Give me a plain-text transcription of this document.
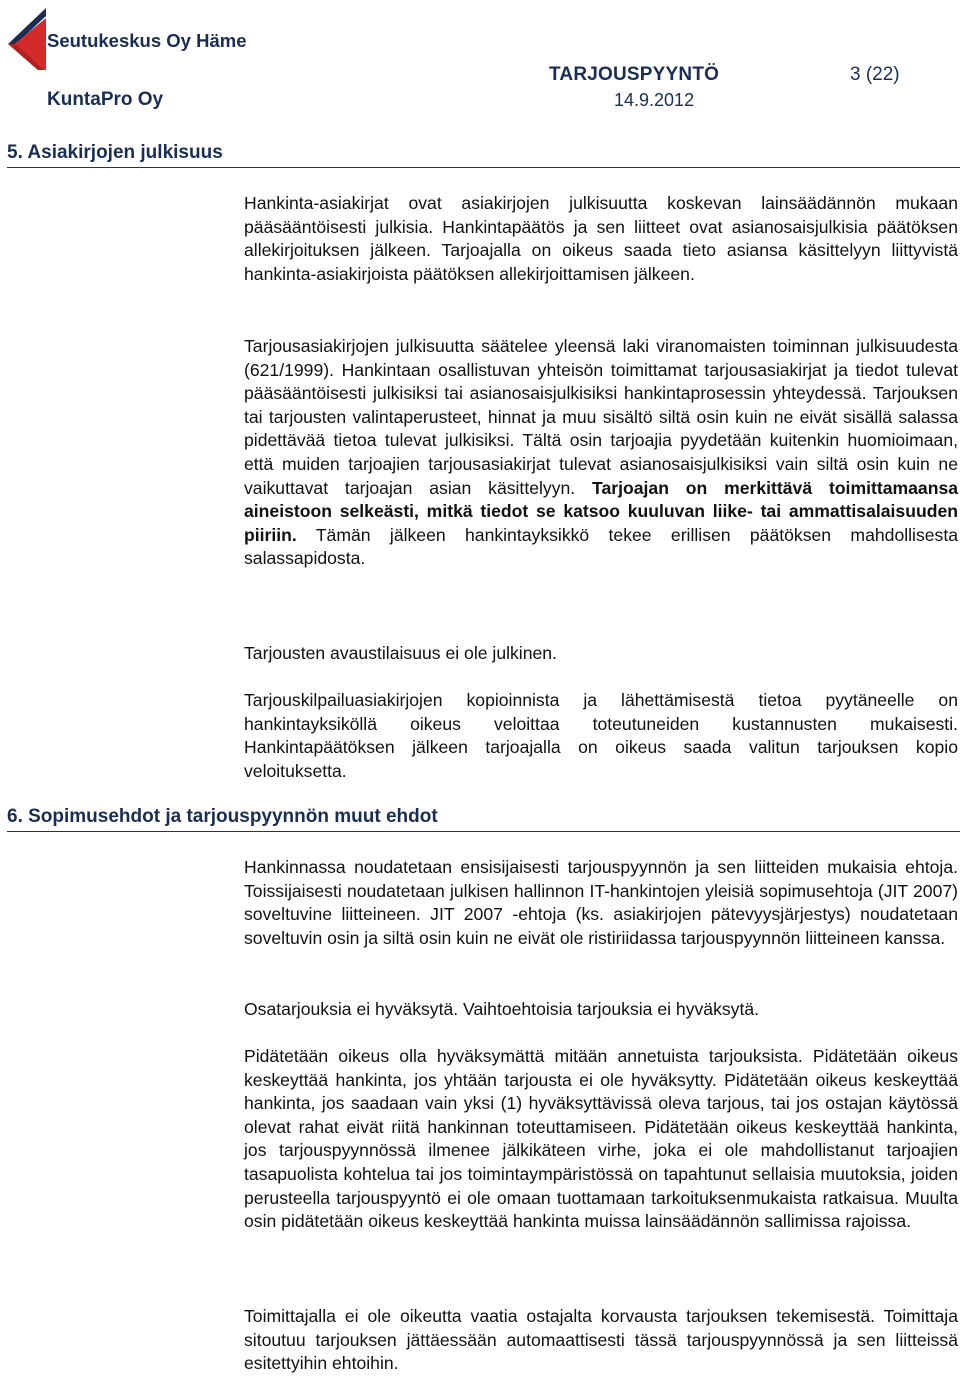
Seutukeskus Oy Häme
TARJOUSPYYNTÖ	3 (22)
KuntaPro Oy	14.9.2012
5. Asiakirjojen julkisuus

Hankinta-asiakirjat ovat asiakirjojen julkisuutta koskevan lainsäädännön mukaan pääsääntöisesti julkisia. Hankintapäätös ja sen liitteet ovat asianosaisjulkisia päätöksen allekirjoituksen jälkeen. Tarjoajalla on oikeus saada tieto asiansa käsittelyyn liittyvistä hankinta-asiakirjoista päätöksen allekirjoittamisen jälkeen.

Tarjousasiakirjojen julkisuutta säätelee yleensä laki viranomaisten toiminnan julkisuudesta (621/1999). Hankintaan osallistuvan yhteisön toimittamat tarjousasiakirjat ja tiedot tulevat pääsääntöisesti julkisiksi tai asianosaisjulkisiksi hankintaprosessin yhteydessä. Tarjouksen tai tarjousten valintaperusteet, hinnat ja muu sisältö siltä osin kuin ne eivät sisällä salassa pidettävää tietoa tulevat julkisiksi. Tältä osin tarjoajia pyydetään kuitenkin huomioimaan, että muiden tarjoajien tarjousasiakirjat tulevat asianosaisjulkisiksi vain siltä osin kuin ne vaikuttavat tarjoajan asian käsittelyyn. Tarjoajan on merkittävä toimittamaansa aineistoon selkeästi, mitkä tiedot se katsoo kuuluvan liike- tai ammattisalaisuuden piiriin. Tämän jälkeen hankintayksikkö tekee erillisen päätöksen mahdollisesta salassapidosta.

Tarjousten avaustilaisuus ei ole julkinen.

Tarjouskilpailuasiakirjojen kopioinnista ja lähettämisestä tietoa pyytäneelle on hankintayksiköllä oikeus veloittaa toteutuneiden kustannusten mukaisesti. Hankintapäätöksen jälkeen tarjoajalla on oikeus saada valitun tarjouksen kopio veloituksetta.

6. Sopimusehdot ja tarjouspyynnön muut ehdot

Hankinnassa noudatetaan ensisijaisesti tarjouspyynnön ja sen liitteiden mukaisia ehtoja. Toissijaisesti noudatetaan julkisen hallinnon IT-hankintojen yleisiä sopimusehtoja (JIT 2007) soveltuvine liitteineen. JIT 2007 -ehtoja (ks. asiakirjojen pätevyysjärjestys) noudatetaan soveltuvin osin ja siltä osin kuin ne eivät ole ristiriidassa tarjouspyynnön liitteineen kanssa.

Osatarjouksia ei hyväksytä. Vaihtoehtoisia tarjouksia ei hyväksytä.

Pidätetään oikeus olla hyväksymättä mitään annetuista tarjouksista. Pidätetään oikeus keskeyttää hankinta, jos yhtään tarjousta ei ole hyväksytty. Pidätetään oikeus keskeyttää hankinta, jos saadaan vain yksi (1) hyväksyttävissä oleva tarjous, tai jos ostajan käytössä olevat rahat eivät riitä hankinnan toteuttamiseen. Pidätetään oikeus keskeyttää hankinta, jos tarjouspyynnössä ilmenee jälkikäteen virhe, joka ei ole mahdollistanut tarjoajien tasapuolista kohtelua tai jos toimintaympäristössä on tapahtunut sellaisia muutoksia, joiden perusteella tarjouspyyntö ei ole omaan tuottamaan tarkoituksenmukaista ratkaisua. Muulta osin pidätetään oikeus keskeyttää hankinta muissa lainsäädännön sallimissa rajoissa.

Toimittajalla ei ole oikeutta vaatia ostajalta korvausta tarjouksen tekemisestä. Toimittaja sitoutuu tarjouksen jättäessään automaattisesti tässä tarjouspyynnössä ja sen liitteissä esitettyihin ehtoihin.
